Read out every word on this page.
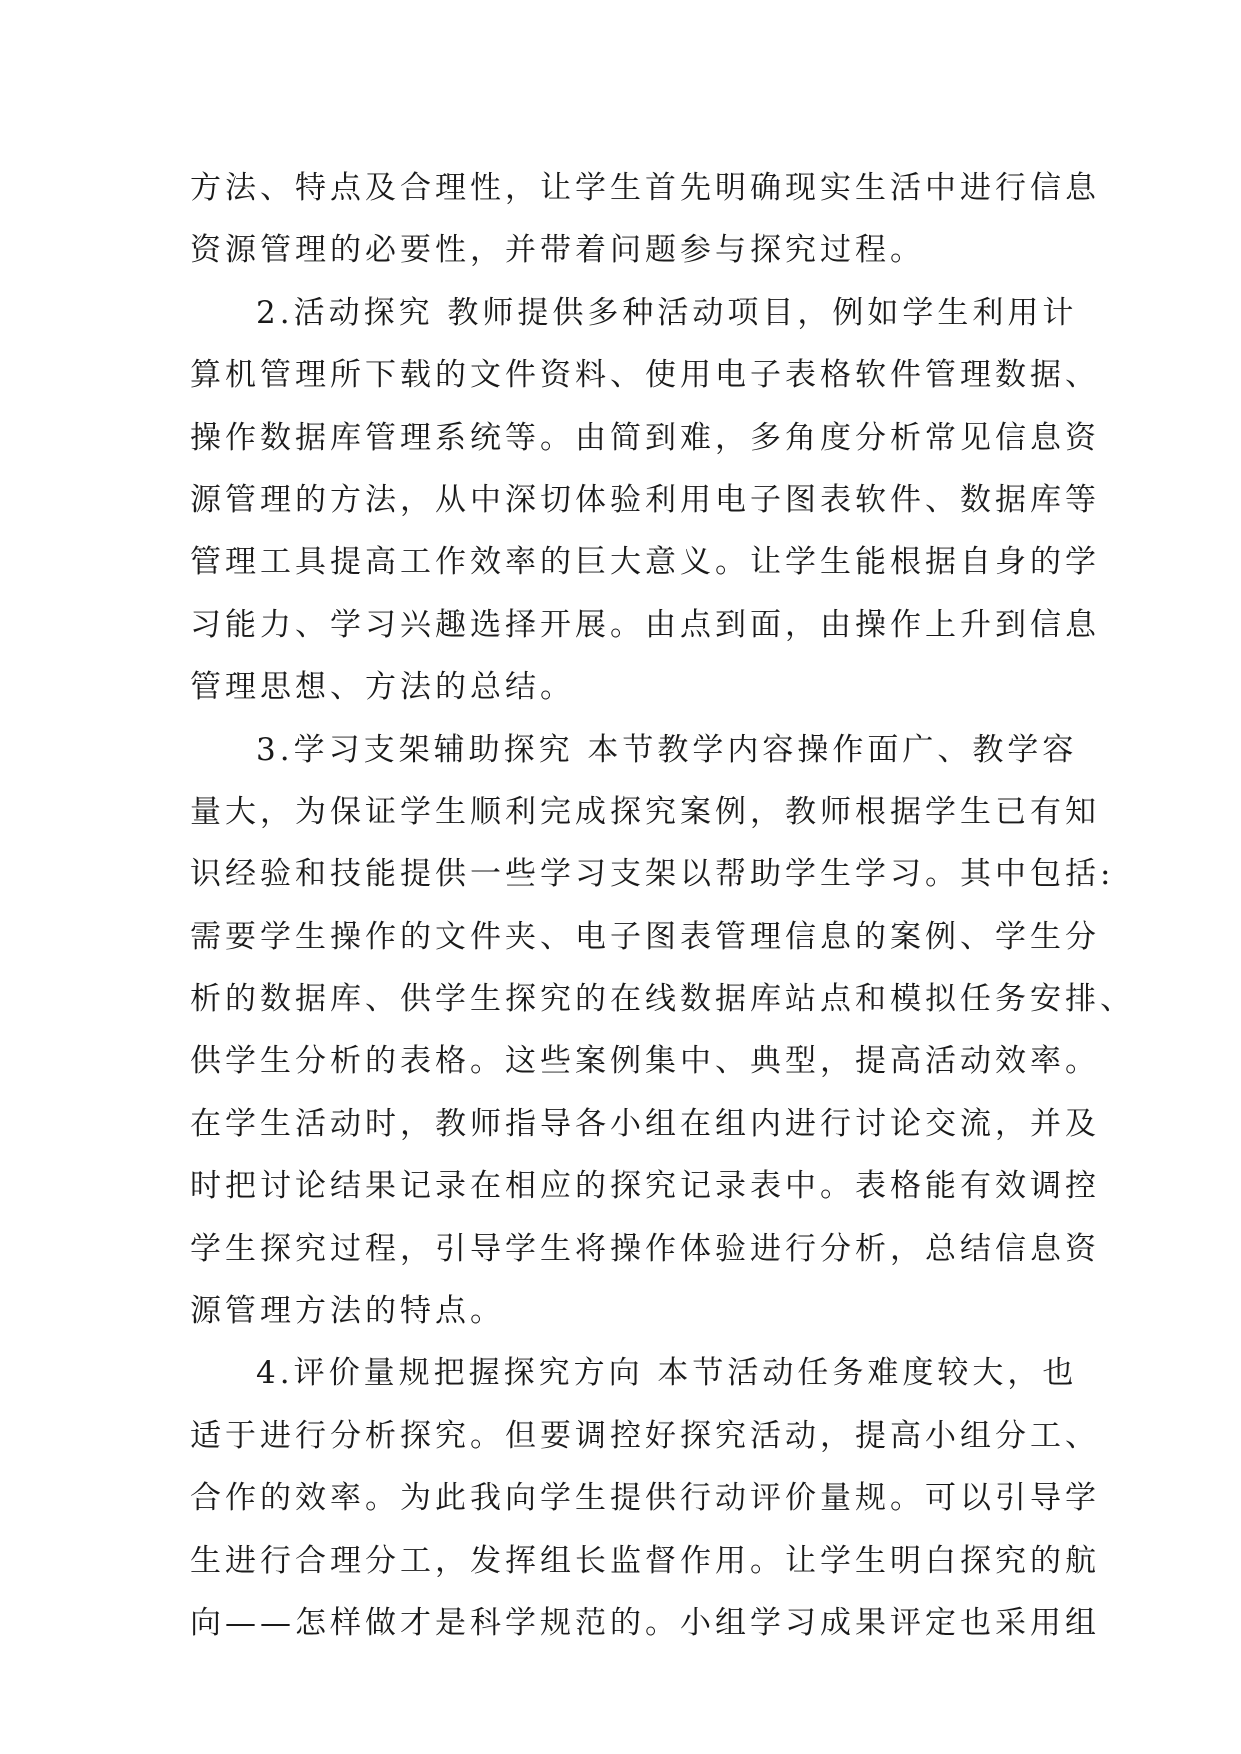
方法、特点及合理性，让学生首先明确现实生活中进行信息
资源管理的必要性，并带着问题参与探究过程。
2.活动探究 教师提供多种活动项目，例如学生利用计
算机管理所下载的文件资料、使用电子表格软件管理数据、
操作数据库管理系统等。由简到难，多角度分析常见信息资
源管理的方法，从中深切体验利用电子图表软件、数据库等
管理工具提高工作效率的巨大意义。让学生能根据自身的学
习能力、学习兴趣选择开展。由点到面，由操作上升到信息
管理思想、方法的总结。
3.学习支架辅助探究 本节教学内容操作面广、教学容
量大，为保证学生顺利完成探究案例，教师根据学生已有知
识经验和技能提供一些学习支架以帮助学生学习。其中包括:
需要学生操作的文件夹、电子图表管理信息的案例、学生分
析的数据库、供学生探究的在线数据库站点和模拟任务安排、
供学生分析的表格。这些案例集中、典型，提高活动效率。
在学生活动时，教师指导各小组在组内进行讨论交流，并及
时把讨论结果记录在相应的探究记录表中。表格能有效调控
学生探究过程，引导学生将操作体验进行分析，总结信息资
源管理方法的特点。
4.评价量规把握探究方向 本节活动任务难度较大，也
适于进行分析探究。但要调控好探究活动，提高小组分工、
合作的效率。为此我向学生提供行动评价量规。可以引导学
生进行合理分工，发挥组长监督作用。让学生明白探究的航
向——怎样做才是科学规范的。小组学习成果评定也采用组
